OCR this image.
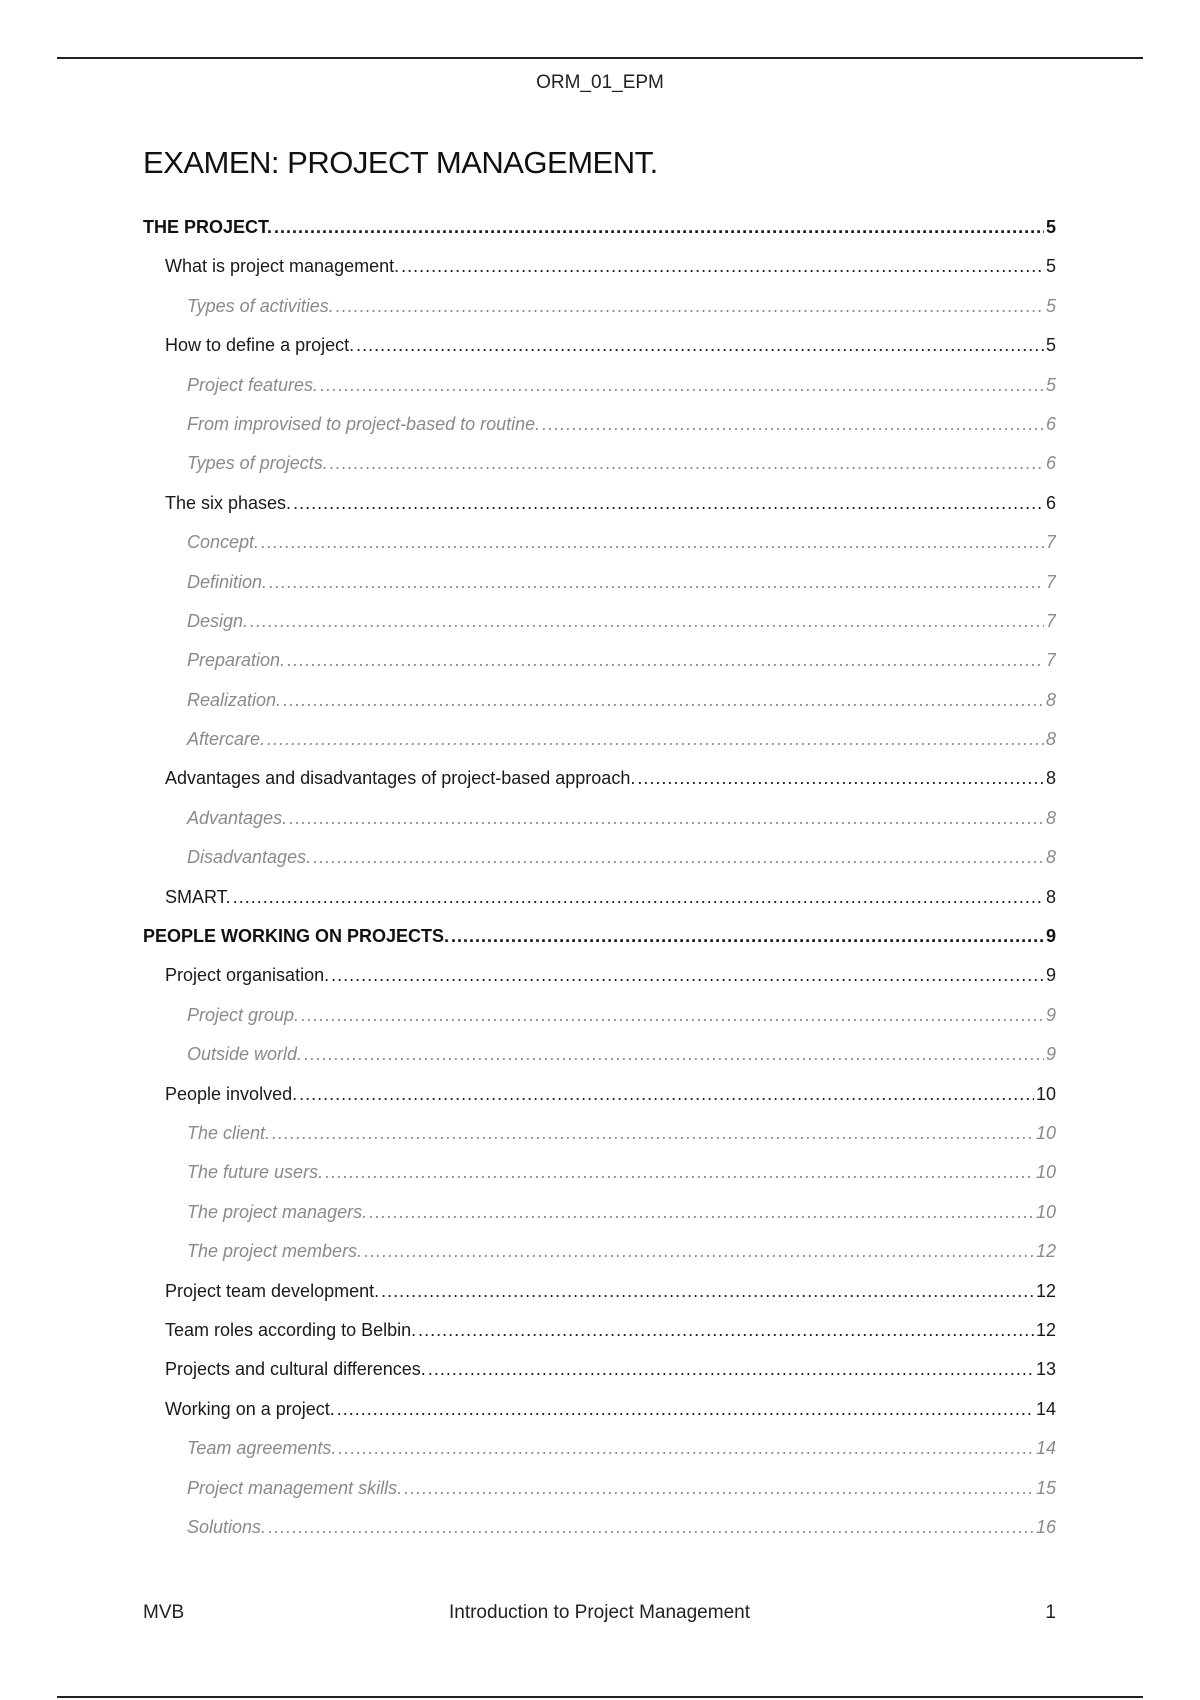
ORM_01_EPM
EXAMEN: PROJECT MANAGEMENT.
THE PROJECT. .....	5
What is project management. .....	5
Types of activities. .....	5
How to define a project. .....	5
Project features. .....	5
From improvised to project-based to routine. .....	6
Types of projects. .....	6
The six phases. .....	6
Concept. .....	7
Definition. .....	7
Design. .....	7
Preparation. .....	7
Realization. .....	8
Aftercare. .....	8
Advantages and disadvantages of project-based approach. .....	8
Advantages. .....	8
Disadvantages. .....	8
SMART. .....	8
PEOPLE WORKING ON PROJECTS. .....	9
Project organisation. .....	9
Project group. .....	9
Outside world. .....	9
People involved. .....	10
The client. .....	10
The future users. .....	10
The project managers. .....	10
The project members. .....	12
Project team development. .....	12
Team roles according to Belbin. .....	12
Projects and cultural differences. .....	13
Working on a project. .....	14
Team agreements. .....	14
Project management skills. .....	15
Solutions. .....	16
MVB	Introduction to Project Management	1
